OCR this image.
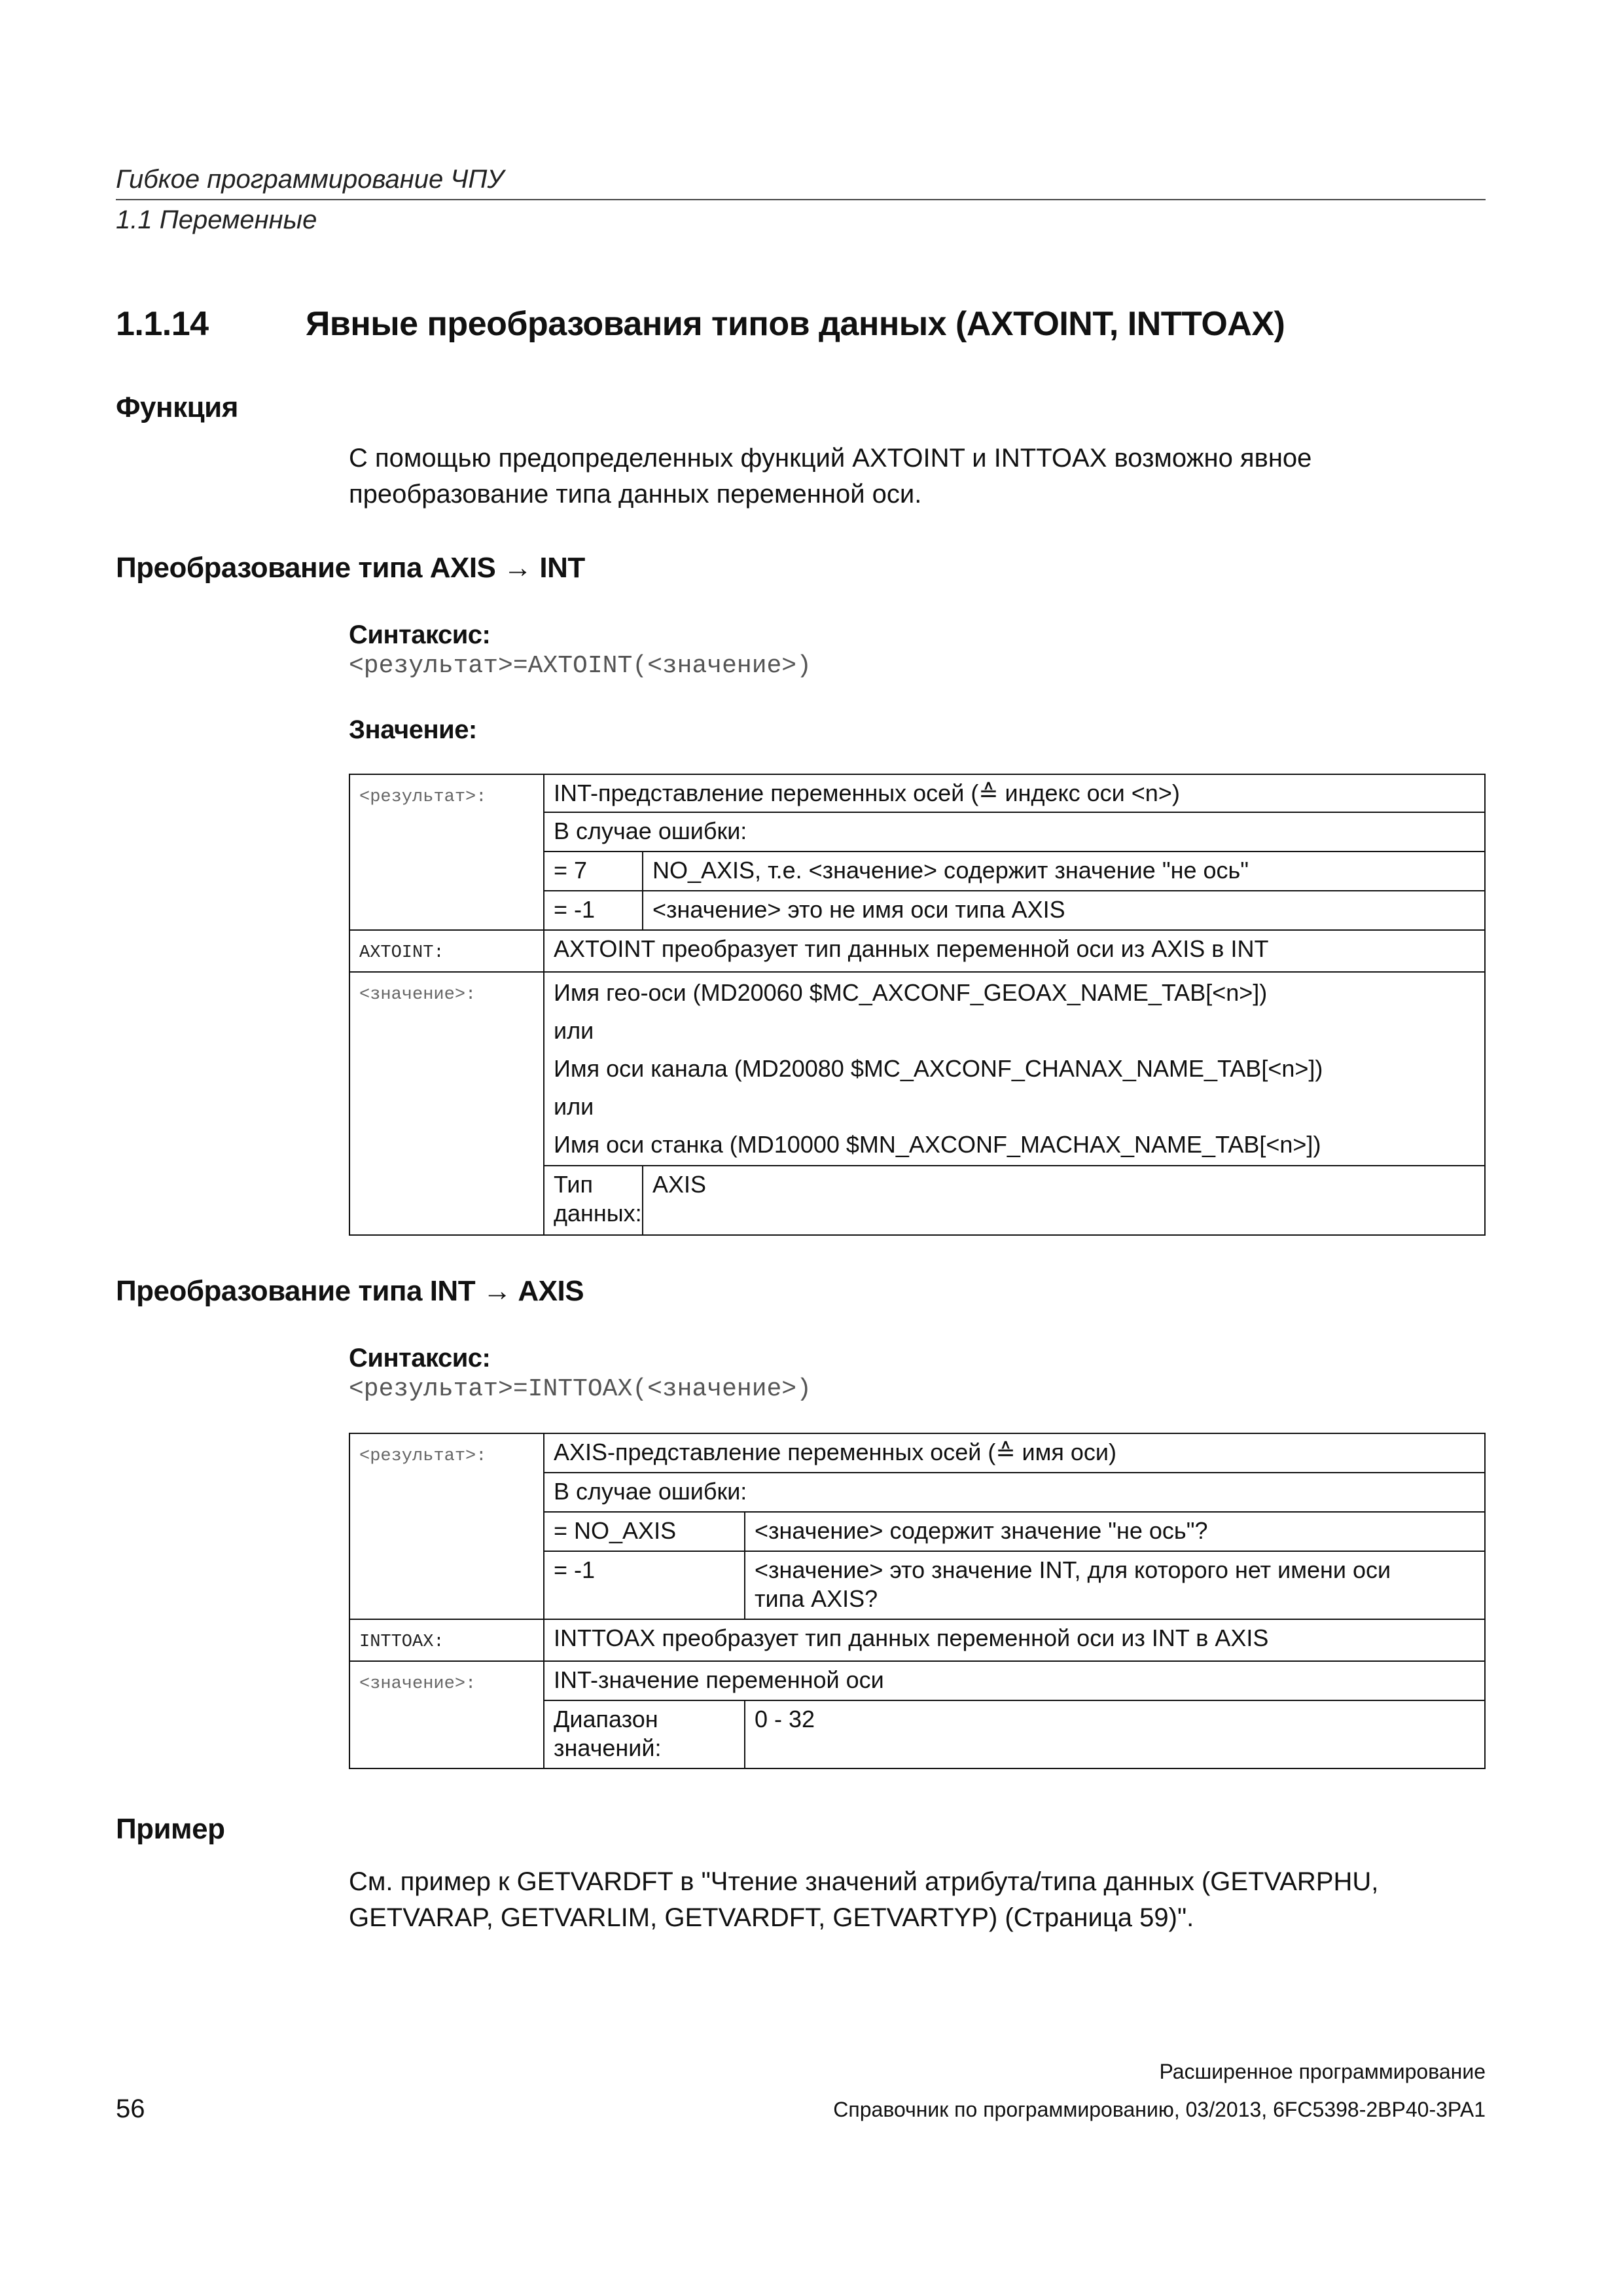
Гибкое программирование ЧПУ
1.1 Переменные
1.1.14	Явные преобразования типов данных (AXTOINT, INTTOAX)
Функция
С помощью предопределенных функций AXTOINT и INTTOAX возможно явное преобразование типа данных переменной оси.
Преобразование типа AXIS → INT
Синтаксис:
<результат>=AXTOINT(<значение>)
Значение:
<результат>:	INT-представление переменных осей (≙ индекс оси <n>)	
	В случае ошибки:	
	= 7	NO_AXIS, т.е. <значение> содержит значение "не ось"
	= -1	<значение> это не имя оси типа AXIS
AXTOINT:	AXTOINT преобразует тип данных переменной оси из AXIS в INT	
<значение>:	Имя гео-оси (MD20060 $MC_AXCONF_GEOAX_NAME_TAB[<n>])
или
Имя оси канала (MD20080 $MC_AXCONF_CHANAX_NAME_TAB[<n>])
или
Имя оси станка (MD10000 $MN_AXCONF_MACHAX_NAME_TAB[<n>])	

	Тип
данных:	AXIS
Преобразование типа INT → AXIS
Синтаксис:
<результат>=INTTOAX(<значение>)
<результат>:	AXIS-представление переменных осей (≙ имя оси)	
	В случае ошибки:	
	= NO_AXIS	<значение> содержит значение "не ось"?
	= -1	<значение> это значение INT, для которого нет имени оси
типа AXIS?

INTTOAX:	INTTOAX преобразует тип данных переменной оси из INT в AXIS	
<значение>:	INT-значение переменной оси	

	Диапазон
значений:	0 - 32
Пример
См. пример к GETVARDFT в "Чтение значений атрибута/типа данных (GETVARPHU,
GETVARAP, GETVARLIM, GETVARDFT, GETVARTYP) (Страница 59)".
Расширенное программирование
56	Справочник по программированию, 03/2013, 6FC5398-2BP40-3PA1
